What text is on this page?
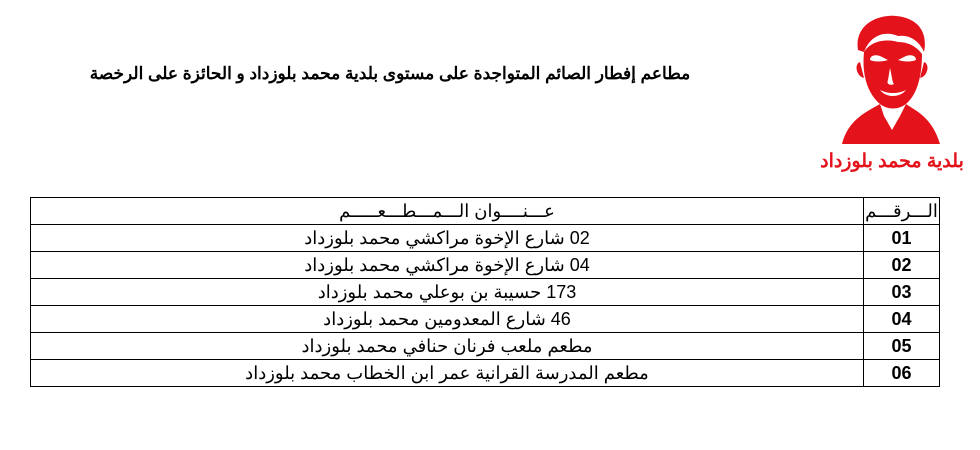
مطاعم إفطار الصائم المتواجدة على مستوى بلدية محمد بلوزداد و الحائزة على الرخصة
بلدية محمد بلوزداد
الـــرقـــم	عـــنــــوان الـــمـــطـــعـــــم
01	02 شارع الإخوة مراكشي محمد بلوزداد
02	04 شارع الإخوة مراكشي محمد بلوزداد
03	173 حسيبة بن بوعلي محمد بلوزداد
04	46 شارع المعدومين محمد بلوزداد
05	مطعم ملعب فرنان حنافي محمد بلوزداد
06	مطعم المدرسة القرانية عمر ابن الخطاب محمد بلوزداد
